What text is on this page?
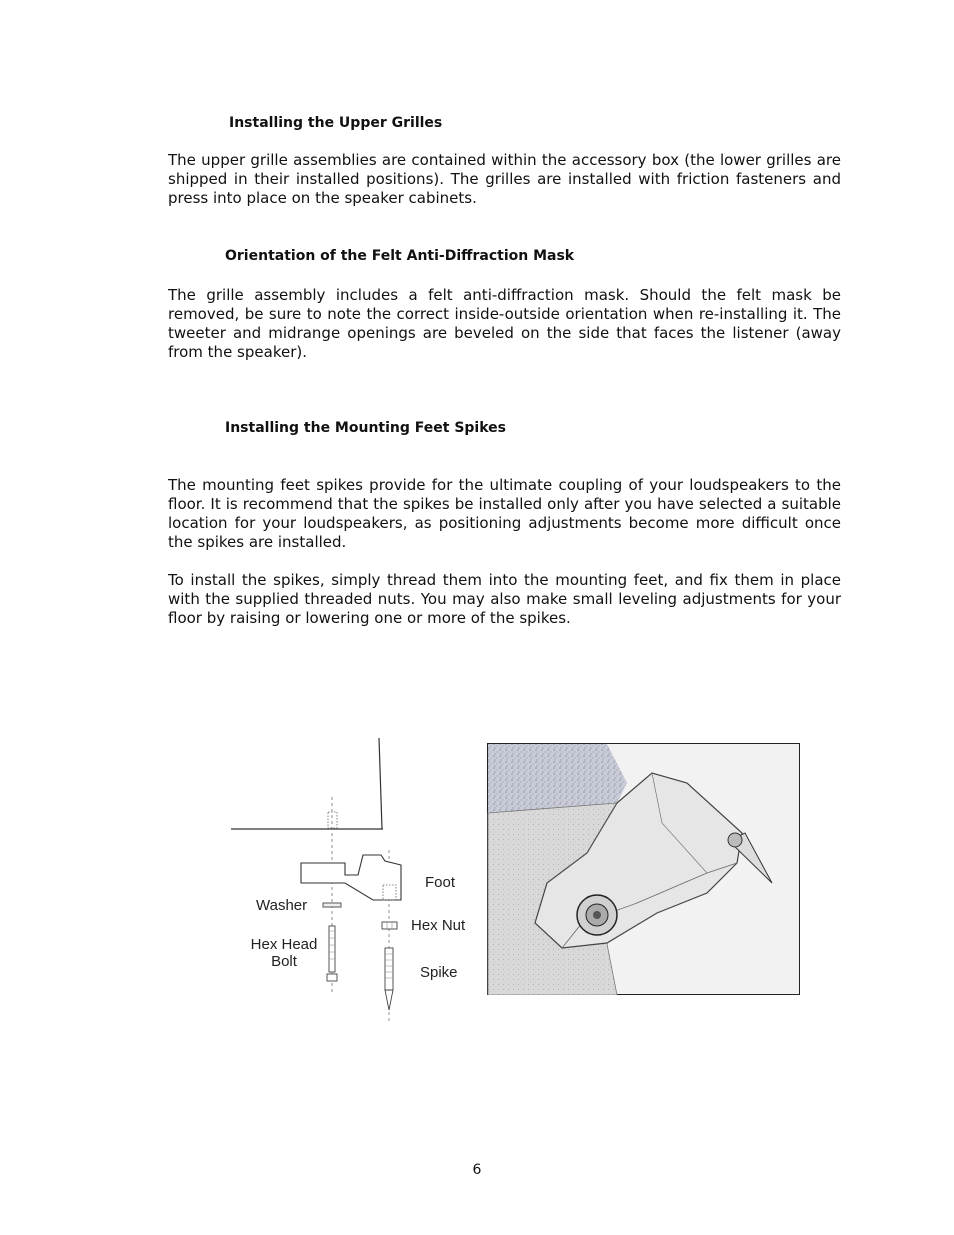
Installing the Upper Grilles

The upper grille assemblies are contained within the accessory box (the lower grilles are shipped in their installed positions). The grilles are installed with friction fasteners and press into place on the speaker cabinets.

Orientation of the Felt Anti-Diffraction Mask

The grille assembly includes a felt anti-diffraction mask. Should the felt mask be removed, be sure to note the correct inside-outside orientation when re-installing it. The tweeter and midrange openings are beveled on the side that faces the listener (away from the speaker).

Installing the Mounting Feet Spikes

The mounting feet spikes provide for the ultimate coupling of your loudspeakers to the floor. It is recommend that the spikes be installed only after you have selected a suitable location for your loudspeakers, as positioning adjustments become more difficult once the spikes are installed.

To install the spikes, simply thread them into the mounting feet, and fix them in place with the supplied threaded nuts. You may also make small leveling adjustments for your floor by raising or lowering one or more of the spikes.

Foot
Washer
Hex Nut
Hex Head
Bolt
Spike
6
